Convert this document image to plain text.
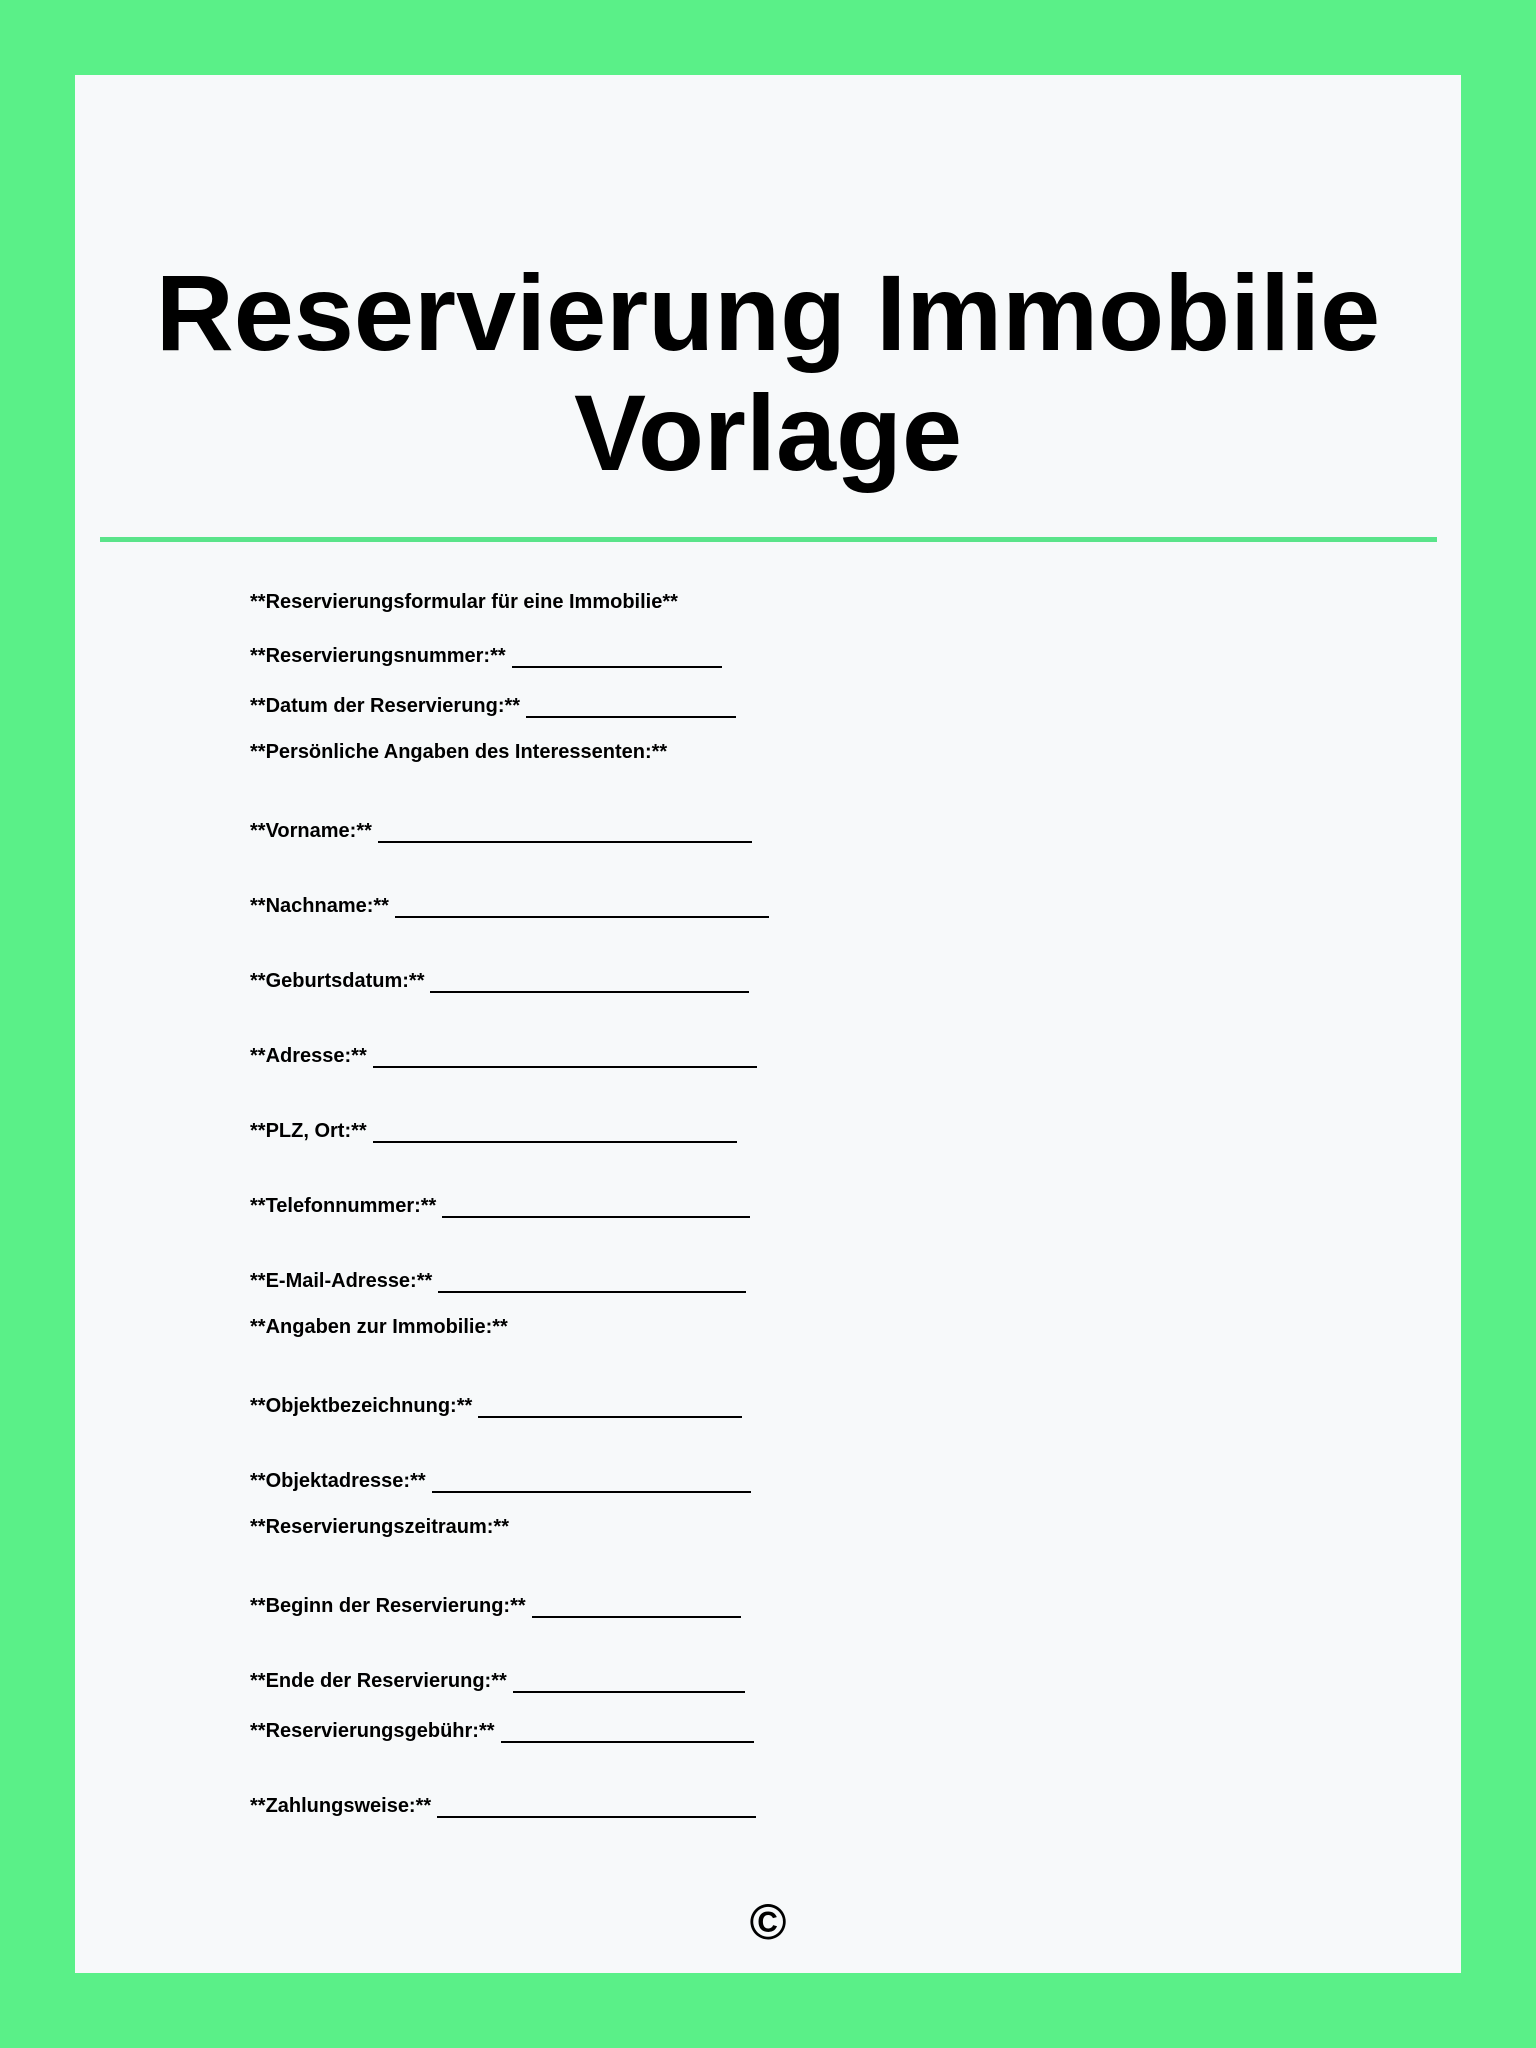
Reservierung Immobilie
Vorlage
**Reservierungsformular für eine Immobilie**
**Reservierungsnummer:**
**Datum der Reservierung:**
**Persönliche Angaben des Interessenten:**
**Vorname:**
**Nachname:**
**Geburtsdatum:**
**Adresse:**
**PLZ, Ort:**
**Telefonnummer:**
**E-Mail-Adresse:**
**Angaben zur Immobilie:**
**Objektbezeichnung:**
**Objektadresse:**
**Reservierungszeitraum:**
**Beginn der Reservierung:**
**Ende der Reservierung:**
**Reservierungsgebühr:**
**Zahlungsweise:**
©
